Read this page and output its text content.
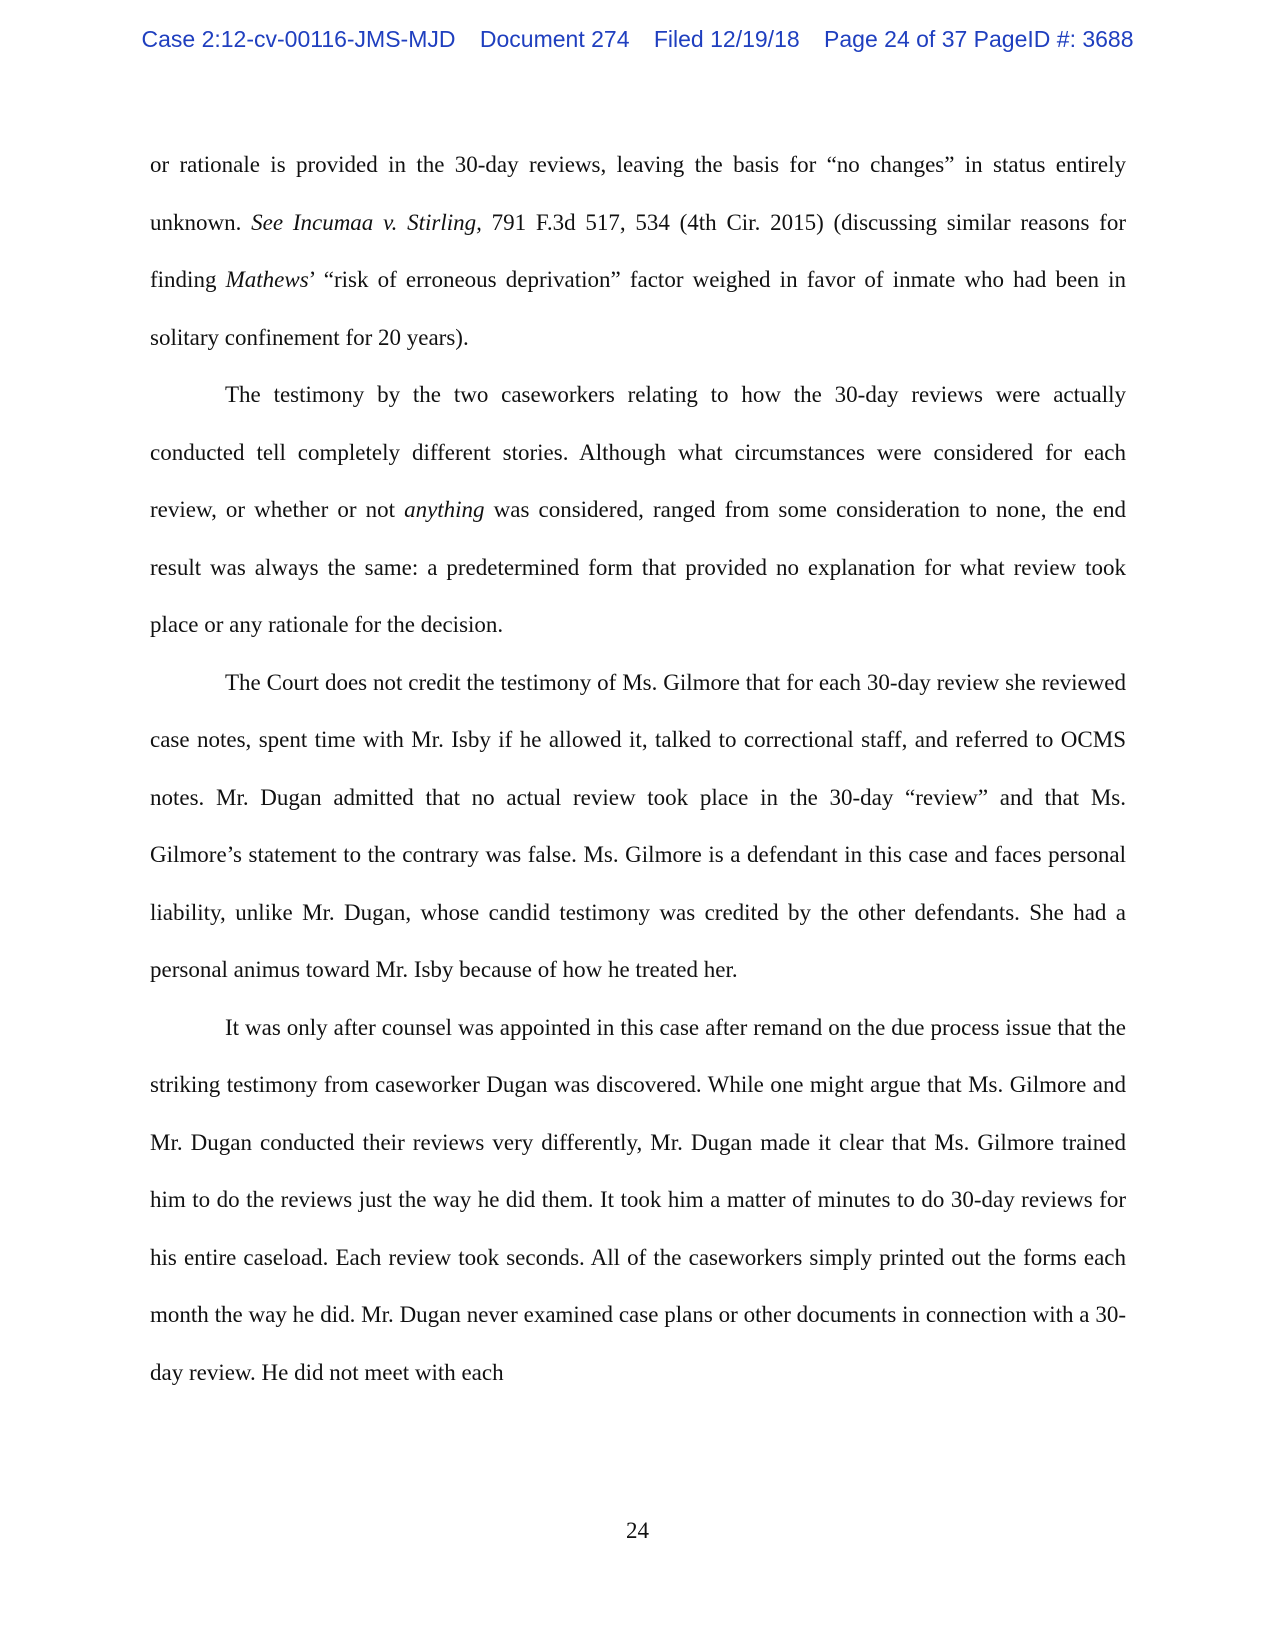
Case 2:12-cv-00116-JMS-MJD Document 274 Filed 12/19/18 Page 24 of 37 PageID #: 3688

or rationale is provided in the 30-day reviews, leaving the basis for “no changes” in status entirely unknown. See Incumaa v. Stirling, 791 F.3d 517, 534 (4th Cir. 2015) (discussing similar reasons for finding Mathews’ “risk of erroneous deprivation” factor weighed in favor of inmate who had been in solitary confinement for 20 years).

The testimony by the two caseworkers relating to how the 30-day reviews were actually conducted tell completely different stories. Although what circumstances were considered for each review, or whether or not anything was considered, ranged from some consideration to none, the end result was always the same: a predetermined form that provided no explanation for what review took place or any rationale for the decision.

The Court does not credit the testimony of Ms. Gilmore that for each 30-day review she reviewed case notes, spent time with Mr. Isby if he allowed it, talked to correctional staff, and referred to OCMS notes. Mr. Dugan admitted that no actual review took place in the 30-day “review” and that Ms. Gilmore’s statement to the contrary was false. Ms. Gilmore is a defendant in this case and faces personal liability, unlike Mr. Dugan, whose candid testimony was credited by the other defendants. She had a personal animus toward Mr. Isby because of how he treated her.

It was only after counsel was appointed in this case after remand on the due process issue that the striking testimony from caseworker Dugan was discovered. While one might argue that Ms. Gilmore and Mr. Dugan conducted their reviews very differently, Mr. Dugan made it clear that Ms. Gilmore trained him to do the reviews just the way he did them. It took him a matter of minutes to do 30-day reviews for his entire caseload. Each review took seconds. All of the caseworkers simply printed out the forms each month the way he did. Mr. Dugan never examined case plans or other documents in connection with a 30-day review. He did not meet with each

24
